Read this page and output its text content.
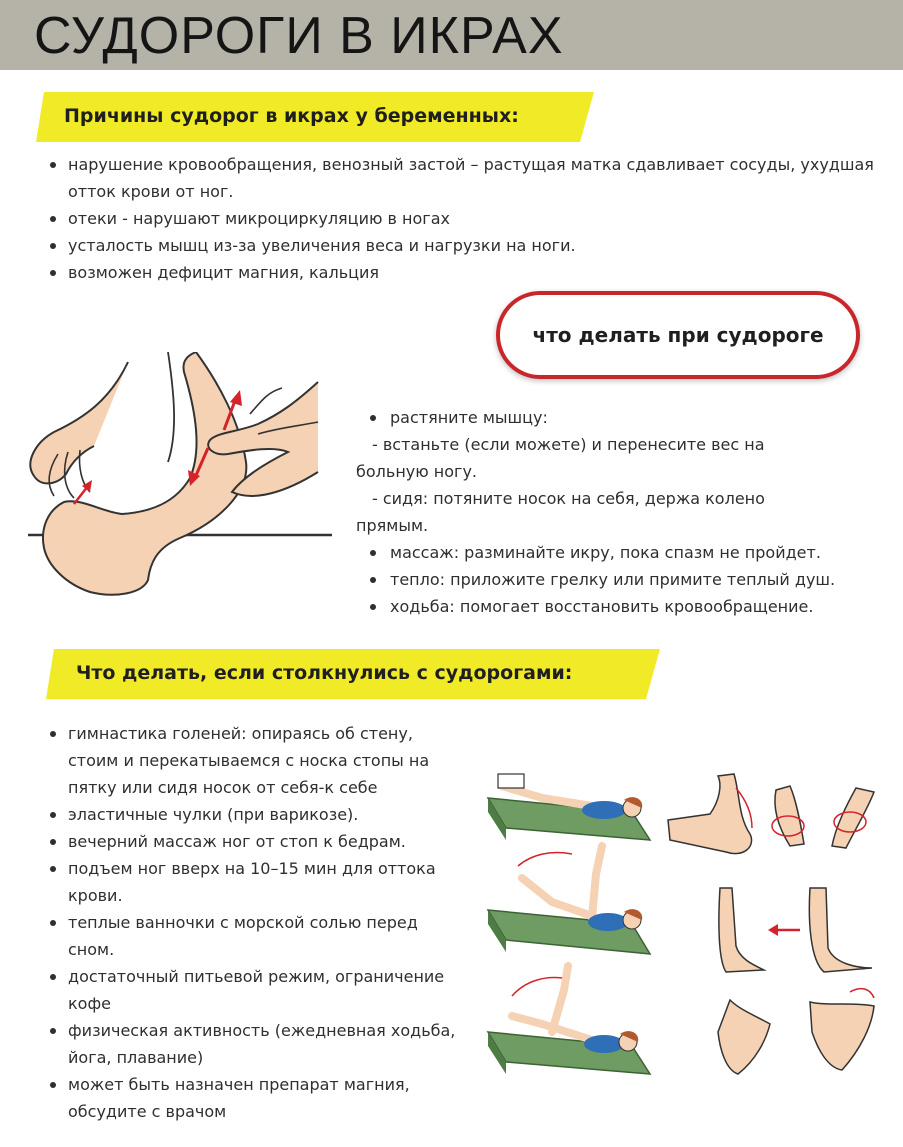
СУДОРОГИ В ИКРАХ
Причины судорог в икрах у беременных:
нарушение кровообращения, венозный застой – растущая матка сдавливает сосуды, ухудшая отток крови от ног.
отеки - нарушают микроциркуляцию в ногах
усталость мышц из-за увеличения веса и нагрузки на ноги.
возможен дефицит магния, кальция
что делать при судороге
растяните мышцу:
- встаньте (если можете) и перенесите вес на больную ногу.
- сидя: потяните носок на себя, держа колено прямым.
массаж: разминайте икру, пока спазм не пройдет.
тепло: приложите грелку или примите теплый душ.
ходьба: помогает восстановить кровообращение.
Что делать, если столкнулись с судорогами:
гимнастика голеней: опираясь об стену, стоим и перекатываемся с носка стопы на пятку или сидя носок от себя-к себе
эластичные чулки (при варикозе).
вечерний массаж ног от стоп к бедрам.
подъем ног вверх на 10–15 мин для оттока крови.
теплые ванночки с морской солью перед сном.
достаточный питьевой режим, ограничение кофе
физическая активность (ежедневная ходьба, йога, плавание)
может быть назначен препарат магния, обсудите с врачом
